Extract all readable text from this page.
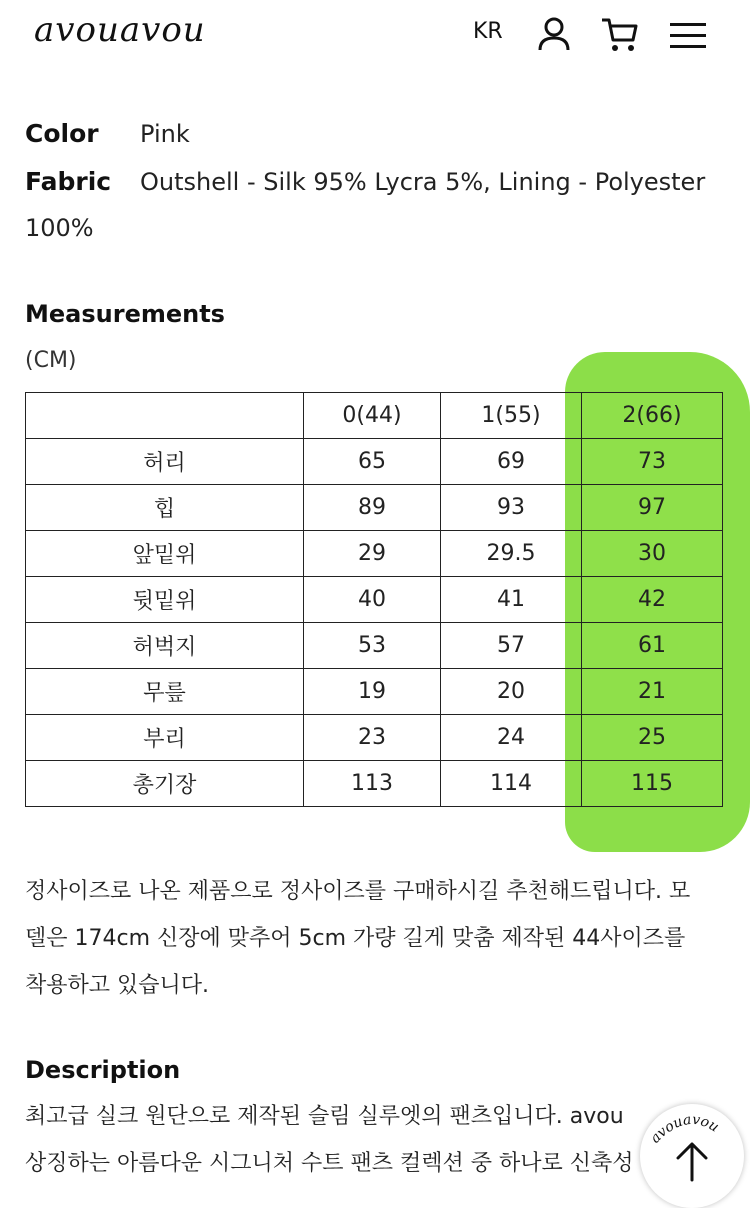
avouavou	KR
Color Pink
Fabric Outshell - Silk 95% Lycra 5%, Lining - Polyester
100%
Measurements
(CM)
	0(44)	1(55)	2(66)
허리	65	69	73
힙	89	93	97
앞밑위	29	29.5	30
뒷밑위	40	41	42
허벅지	53	57	61
무릎	19	20	21
부리	23	24	25
총기장	113	114	115
정사이즈로 나온 제품으로 정사이즈를 구매하시길 추천해드립니다. 모
델은 174cm 신장에 맞추어 5cm 가량 길게 맞춤 제작된 44사이즈를
착용하고 있습니다.
Description
최고급 실크 원단으로 제작된 슬림 실루엣의 팬츠입니다. avou
상징하는 아름다운 시그니처 수트 팬츠 컬렉션 중 하나로 신축성
avouavou
